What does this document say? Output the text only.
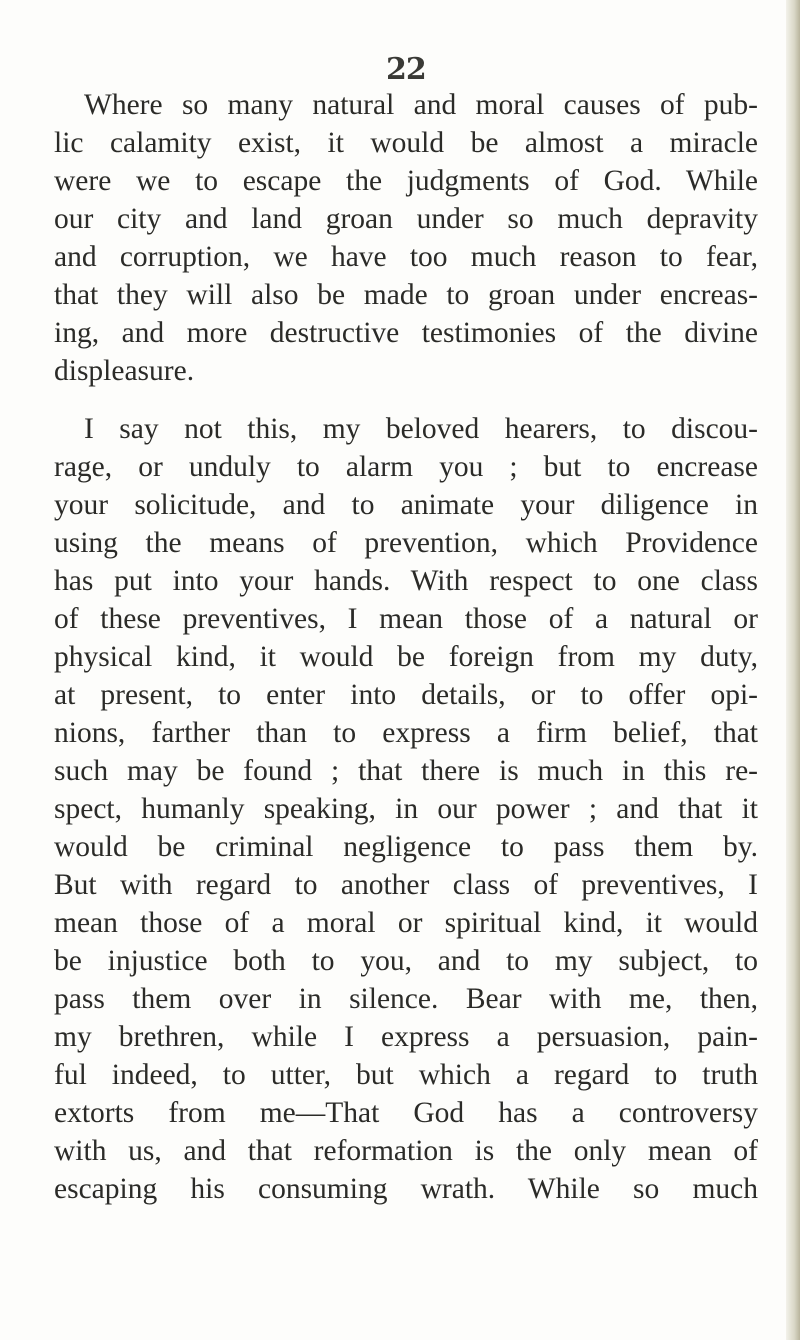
22
Where so many natural and moral causes of pub-
lic calamity exist, it would be almost a miracle
were we to escape the judgments of God. While
our city and land groan under so much depravity
and corruption, we have too much reason to fear,
that they will also be made to groan under encreas-
ing, and more destructive testimonies of the divine
displeasure.
I say not this, my beloved hearers, to discou-
rage, or unduly to alarm you ; but to encrease
your solicitude, and to animate your diligence in
using the means of prevention, which Providence
has put into your hands. With respect to one class
of these preventives, I mean those of a natural or
physical kind, it would be foreign from my duty,
at present, to enter into details, or to offer opi-
nions, farther than to express a firm belief, that
such may be found ; that there is much in this re-
spect, humanly speaking, in our power ; and that it
would be criminal negligence to pass them by.
But with regard to another class of preventives, I
mean those of a moral or spiritual kind, it would
be injustice both to you, and to my subject, to
pass them over in silence. Bear with me, then,
my brethren, while I express a persuasion, pain-
ful indeed, to utter, but which a regard to truth
extorts from me—That God has a controversy
with us, and that reformation is the only mean of
escaping his consuming wrath. While so much
